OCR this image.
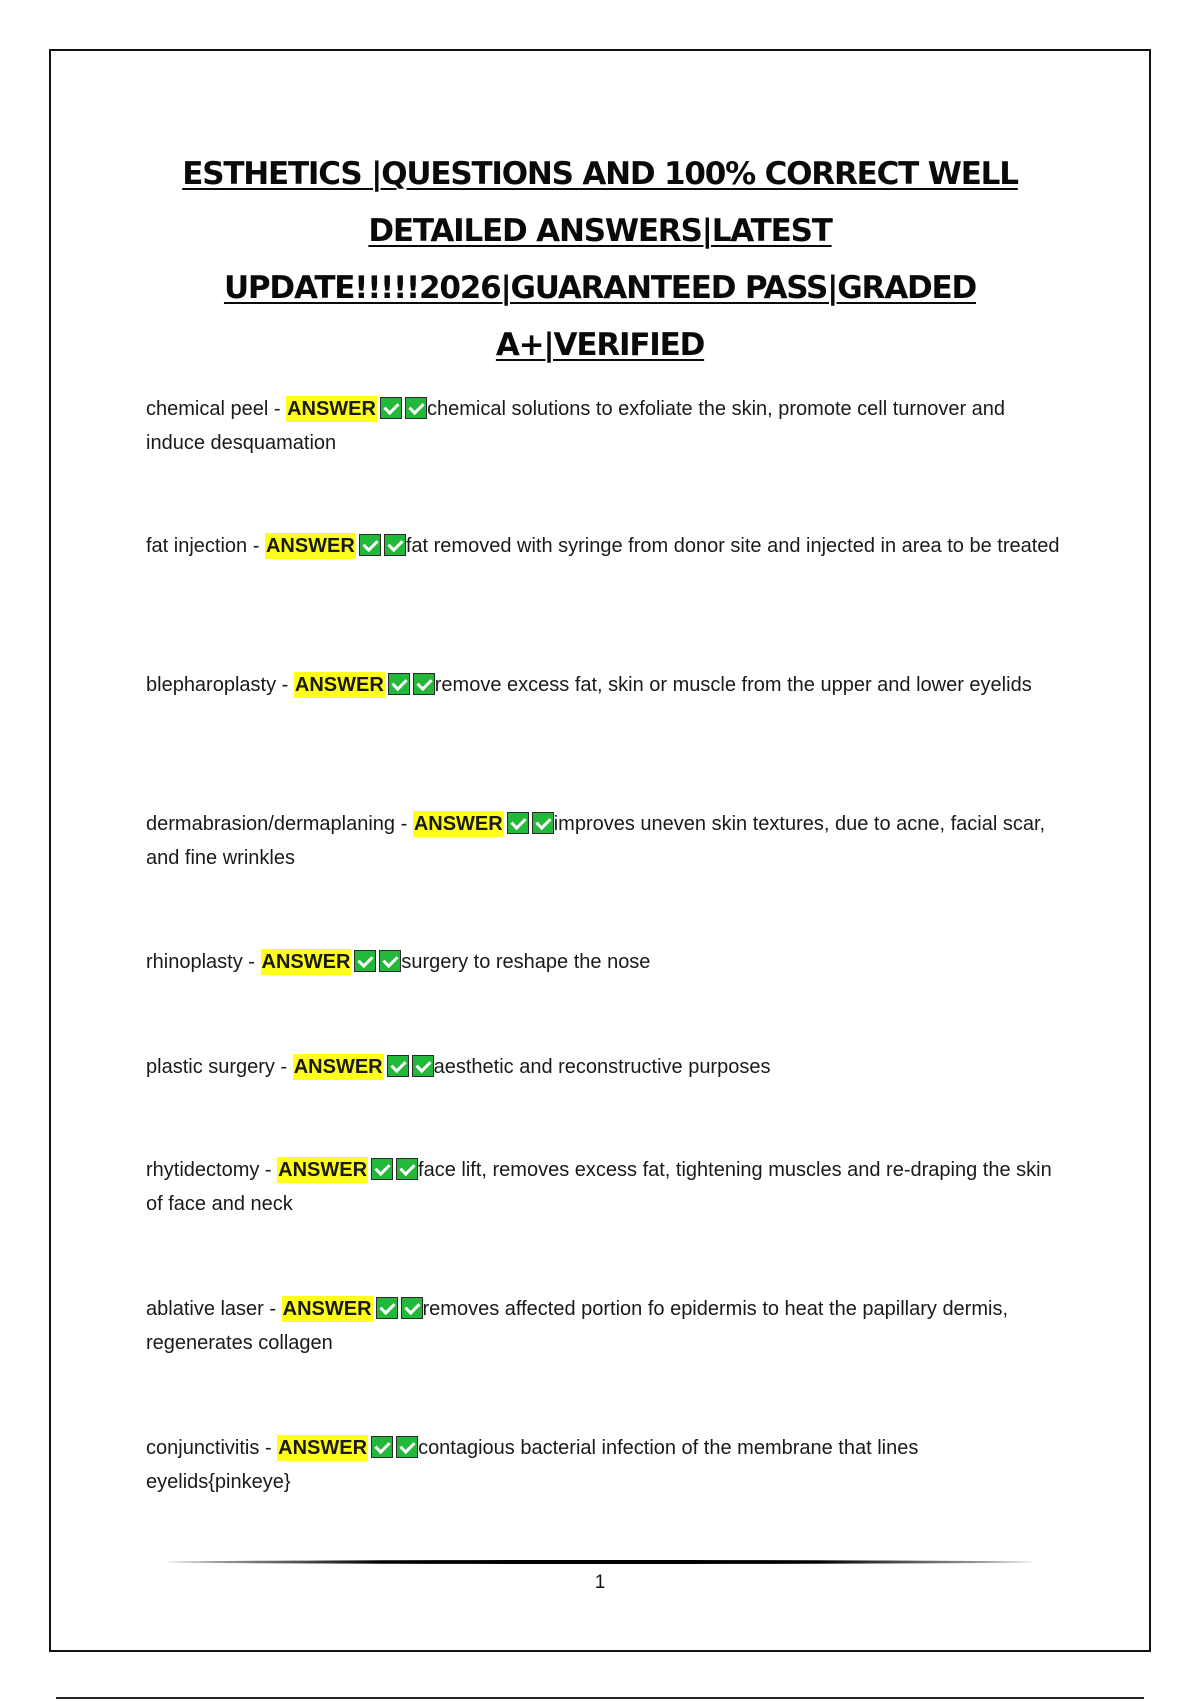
ESTHETICS |QUESTIONS AND 100% CORRECT WELL
DETAILED ANSWERS|LATEST
UPDATE!!!!!2026|GUARANTEED PASS|GRADED
A+|VERIFIED
chemical peel - ANSWER	chemical solutions to exfoliate the skin, promote cell turnover and induce desquamation
fat injection - ANSWER	fat removed with syringe from donor site and injected in area to be treated
blepharoplasty - ANSWER	remove excess fat, skin or muscle from the upper and lower eyelids
dermabrasion/dermaplaning - ANSWER	improves uneven skin textures, due to acne, facial scar, and fine wrinkles
rhinoplasty - ANSWER	surgery to reshape the nose
plastic surgery - ANSWER	aesthetic and reconstructive purposes
rhytidectomy - ANSWER	face lift, removes excess fat, tightening muscles and re-draping the skin of face and neck
ablative laser - ANSWER	removes affected portion fo epidermis to heat the papillary dermis, regenerates collagen
conjunctivitis - ANSWER	contagious bacterial infection of the membrane that lines eyelids{pinkeye}
1
